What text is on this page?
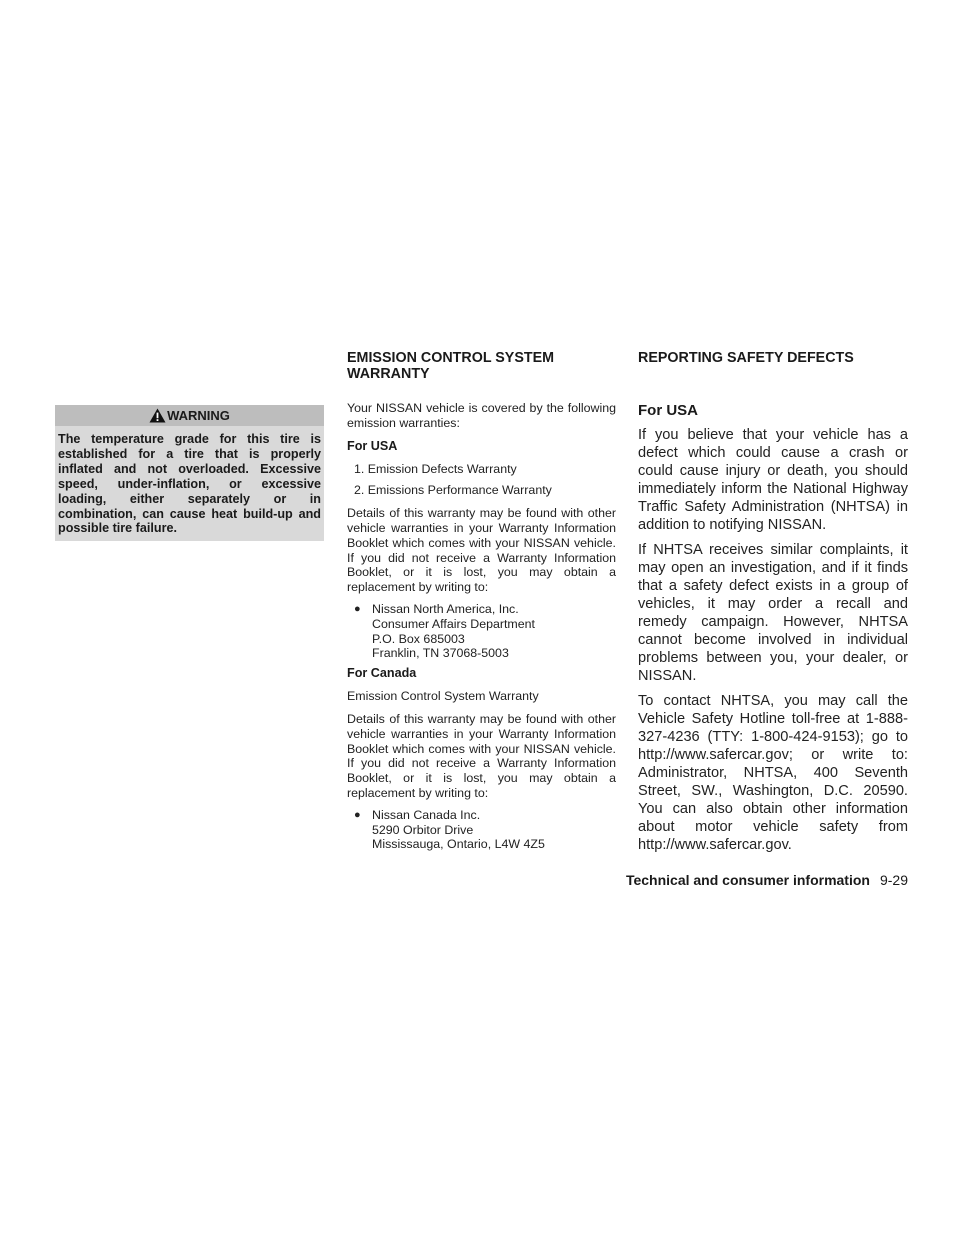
WARNING
The temperature grade for this tire is established for a tire that is properly inflated and not overloaded. Excessive speed, under-inflation, or excessive loading, either separately or in combination, can cause heat build-up and possible tire failure.
EMISSION CONTROL SYSTEM WARRANTY

Your NISSAN vehicle is covered by the following emission warranties:

For USA
1. Emission Defects Warranty
2. Emissions Performance Warranty

Details of this warranty may be found with other vehicle warranties in your Warranty Information Booklet which comes with your NISSAN vehicle. If you did not receive a Warranty Information Booklet, or it is lost, you may obtain a replacement by writing to:

● Nissan North America, Inc.
Consumer Affairs Department
P.O. Box 685003
Franklin, TN 37068-5003
For Canada

Emission Control System Warranty

Details of this warranty may be found with other vehicle warranties in your Warranty Information Booklet which comes with your NISSAN vehicle. If you did not receive a Warranty Information Booklet, or it is lost, you may obtain a replacement by writing to:

● Nissan Canada Inc.
5290 Orbitor Drive
Mississauga, Ontario, L4W 4Z5
REPORTING SAFETY DEFECTS
For USA

If you believe that your vehicle has a defect which could cause a crash or could cause injury or death, you should immediately inform the National Highway Traffic Safety Administration (NHTSA) in addition to notifying NISSAN.

If NHTSA receives similar complaints, it may open an investigation, and if it finds that a safety defect exists in a group of vehicles, it may order a recall and remedy campaign. However, NHTSA cannot become involved in individual problems between you, your dealer, or NISSAN.

To contact NHTSA, you may call the Vehicle Safety Hotline toll-free at 1-888-327-4236 (TTY: 1-800-424-9153); go to http://www.safercar.gov; or write to: Administrator, NHTSA, 400 Seventh Street, SW., Washington, D.C. 20590. You can also obtain other information about motor vehicle safety from http://www.safercar.gov.

Technical and consumer information 9-29
